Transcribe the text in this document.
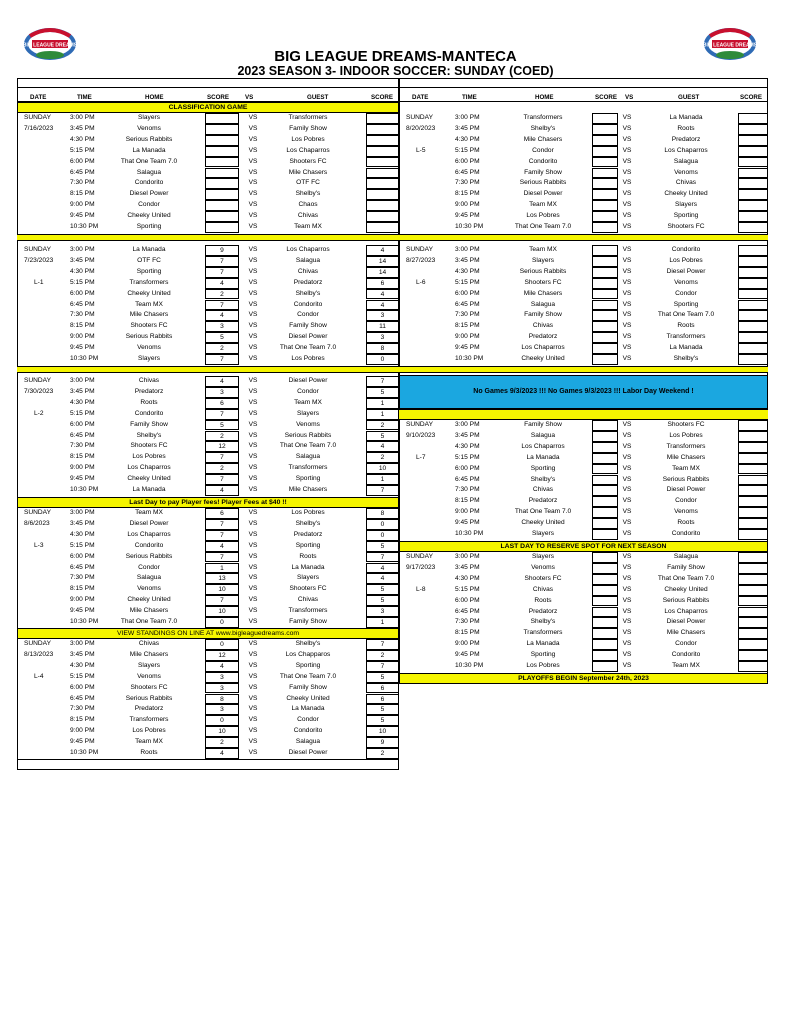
BIG LEAGUE DREAMS	BIG LEAGUE DREAMS
BIG LEAGUE DREAMS-MANTECA
2023 SEASON 3- INDOOR SOCCER: SUNDAY (COED)
DATE	TIME	HOME	SCORE	VS	GUEST	SCORE	DATE	TIME	HOME	SCORE VS	GUEST	SCORE
CLASSIFICATION GAME
Last Day to pay Player fees! Player Fees at $40 !!
VIEW STANDINGS ON LINE AT www.bigleaguedreams.com
No Games 9/3/2023 !!! No Games 9/3/2023 !!! Labor Day Weekend !
LAST DAY TO RESERVE SPOT FOR NEXT SEASON
PLAYOFFS BEGIN September 24th, 2023
SUNDAY	3:00 PM	Slayers	VS	Transformers
7/16/2023	3:45 PM	Venoms	VS	Family Show
4:30 PM	Serious Rabbits	VS	Los Pobres
5:15 PM	La Manada	VS	Los Chaparros
6:00 PM	That One Team 7.0	VS	Shooters FC
6:45 PM	Salagua	VS	Mile Chasers
7:30 PM	Condorito	VS	OTF FC
8:15 PM	Diesel Power	VS	Shelby's
9:00 PM	Condor	VS	Chaos
9:45 PM	Cheeky United	VS	Chivas
10:30 PM	Sporting	VS	Team MX
SUNDAY	3:00 PM	La Manada	9	VS	Los Chaparros	4
7/23/2023	3:45 PM	OTF FC	7	VS	Salagua	14
4:30 PM	Sporting	7	VS	Chivas	14
L-1	5:15 PM	Transformers	4	VS	Predatorz	6
6:00 PM	Cheeky United	2	VS	Shelby's	4
6:45 PM	Team MX	7	VS	Condorito	4
7:30 PM	Mile Chasers	4	VS	Condor	3
8:15 PM	Shooters FC	3	VS	Family Show	11
9:00 PM	Serious Rabbits	5	VS	Diesel Power	3
9:45 PM	Venoms	2	VS	That One Team 7.0	8
10:30 PM	Slayers	7	VS	Los Pobres	0
SUNDAY	3:00 PM	Chivas	4	VS	Diesel Power	7
7/30/2023	3:45 PM	Predatorz	3	VS	Condor	5
4:30 PM	Roots	6	VS	Team MX	1
L-2	5:15 PM	Condorito	7	VS	Slayers	1
6:00 PM	Family Show	5	VS	Venoms	2
6:45 PM	Shelby's	2	VS	Serious Rabbits	5
7:30 PM	Shooters FC	12	VS	That One Team 7.0	4
8:15 PM	Los Pobres	7	VS	Salagua	2
9:00 PM	Los Chaparros	2	VS	Transformers	10
9:45 PM	Cheeky United	7	VS	Sporting	1
10:30 PM	La Manada	4	VS	Mile Chasers	7
SUNDAY	3:00 PM	Team MX	6	VS	Los Pobres	8
8/6/2023	3:45 PM	Diesel Power	7	VS	Shelby's	0
4:30 PM	Los Chaparros	7	VS	Predatorz	0
L-3	5:15 PM	Condorito	4	VS	Sporting	5
6:00 PM	Serious Rabbits	7	VS	Roots	7
6:45 PM	Condor	1	VS	La Manada	4
7:30 PM	Salagua	13	VS	Slayers	4
8:15 PM	Venoms	10	VS	Shooters FC	5
9:00 PM	Cheeky United	7	VS	Chivas	5
9:45 PM	Mile Chasers	10	VS	Transformers	3
10:30 PM	That One Team 7.0	0	VS	Family Show	1
SUNDAY	3:00 PM	Chivas	0	VS	Shelby's	7
8/13/2023	3:45 PM	Mile Chasers	12	VS	Los Chapparos	2
4:30 PM	Slayers	4	VS	Sporting	7
L-4	5:15 PM	Venoms	3	VS	That One Team 7.0	5
6:00 PM	Shooters FC	3	VS	Family Show	6
6:45 PM	Serious Rabbits	8	VS	Cheeky United	6
7:30 PM	Predatorz	3	VS	La Manada	5
8:15 PM	Transformers	0	VS	Condor	5
9:00 PM	Los Pobres	10	VS	Condorito	10
9:45 PM	Team MX	2	VS	Salagua	9
10:30 PM	Roots	4	VS	Diesel Power	2
SUNDAY	3:00 PM	Transformers	VS	La Manada
8/20/2023	3:45 PM	Shelby's	VS	Roots
4:30 PM	Mile Chasers	VS	Predatorz
L-5	5:15 PM	Condor	VS	Los Chaparros
6:00 PM	Condorito	VS	Salagua
6:45 PM	Family Show	VS	Venoms
7:30 PM	Serious Rabbits	VS	Chivas
8:15 PM	Diesel Power	VS	Cheeky United
9:00 PM	Team MX	VS	Slayers
9:45 PM	Los Pobres	VS	Sporting
10:30 PM	That One Team 7.0	VS	Shooters FC
SUNDAY	3:00 PM	Team MX	VS	Condorito
8/27/2023	3:45 PM	Slayers	VS	Los Pobres
4:30 PM	Serious Rabbits	VS	Diesel Power
L-6	5:15 PM	Shooters FC	VS	Venoms
6:00 PM	Mile Chasers	VS	Condor
6:45 PM	Salagua	VS	Sporting
7:30 PM	Family Show	VS	That One Team 7.0
8:15 PM	Chivas	VS	Roots
9:00 PM	Predatorz	VS	Transformers
9:45 PM	Los Chaparros	VS	La Manada
10:30 PM	Cheeky United	VS	Shelby's
SUNDAY	3:00 PM	Family Show	VS	Shooters FC
9/10/2023	3:45 PM	Salagua	VS	Los Pobres
4:30 PM	Los Chaparros	VS	Transformers
L-7	5:15 PM	La Manada	VS	Mile Chasers
6:00 PM	Sporting	VS	Team MX
6:45 PM	Shelby's	VS	Serious Rabbits
7:30 PM	Chivas	VS	Diesel Power
8:15 PM	Predatorz	VS	Condor
9:00 PM	That One Team 7.0	VS	Venoms
9:45 PM	Cheeky United	VS	Roots
10:30 PM	Slayers	VS	Condorito
SUNDAY	3:00 PM	Slayers	VS	Salagua
9/17/2023	3:45 PM	Venoms	VS	Family Show
4:30 PM	Shooters FC	VS	That One Team 7.0
L-8	5:15 PM	Chivas	VS	Cheeky United
6:00 PM	Roots	VS	Serious Rabbits
6:45 PM	Predatorz	VS	Los Chaparros
7:30 PM	Shelby's	VS	Diesel Power
8:15 PM	Transformers	VS	Mile Chasers
9:00 PM	La Manada	VS	Condor
9:45 PM	Sporting	VS	Condorito
10:30 PM	Los Pobres	VS	Team MX
